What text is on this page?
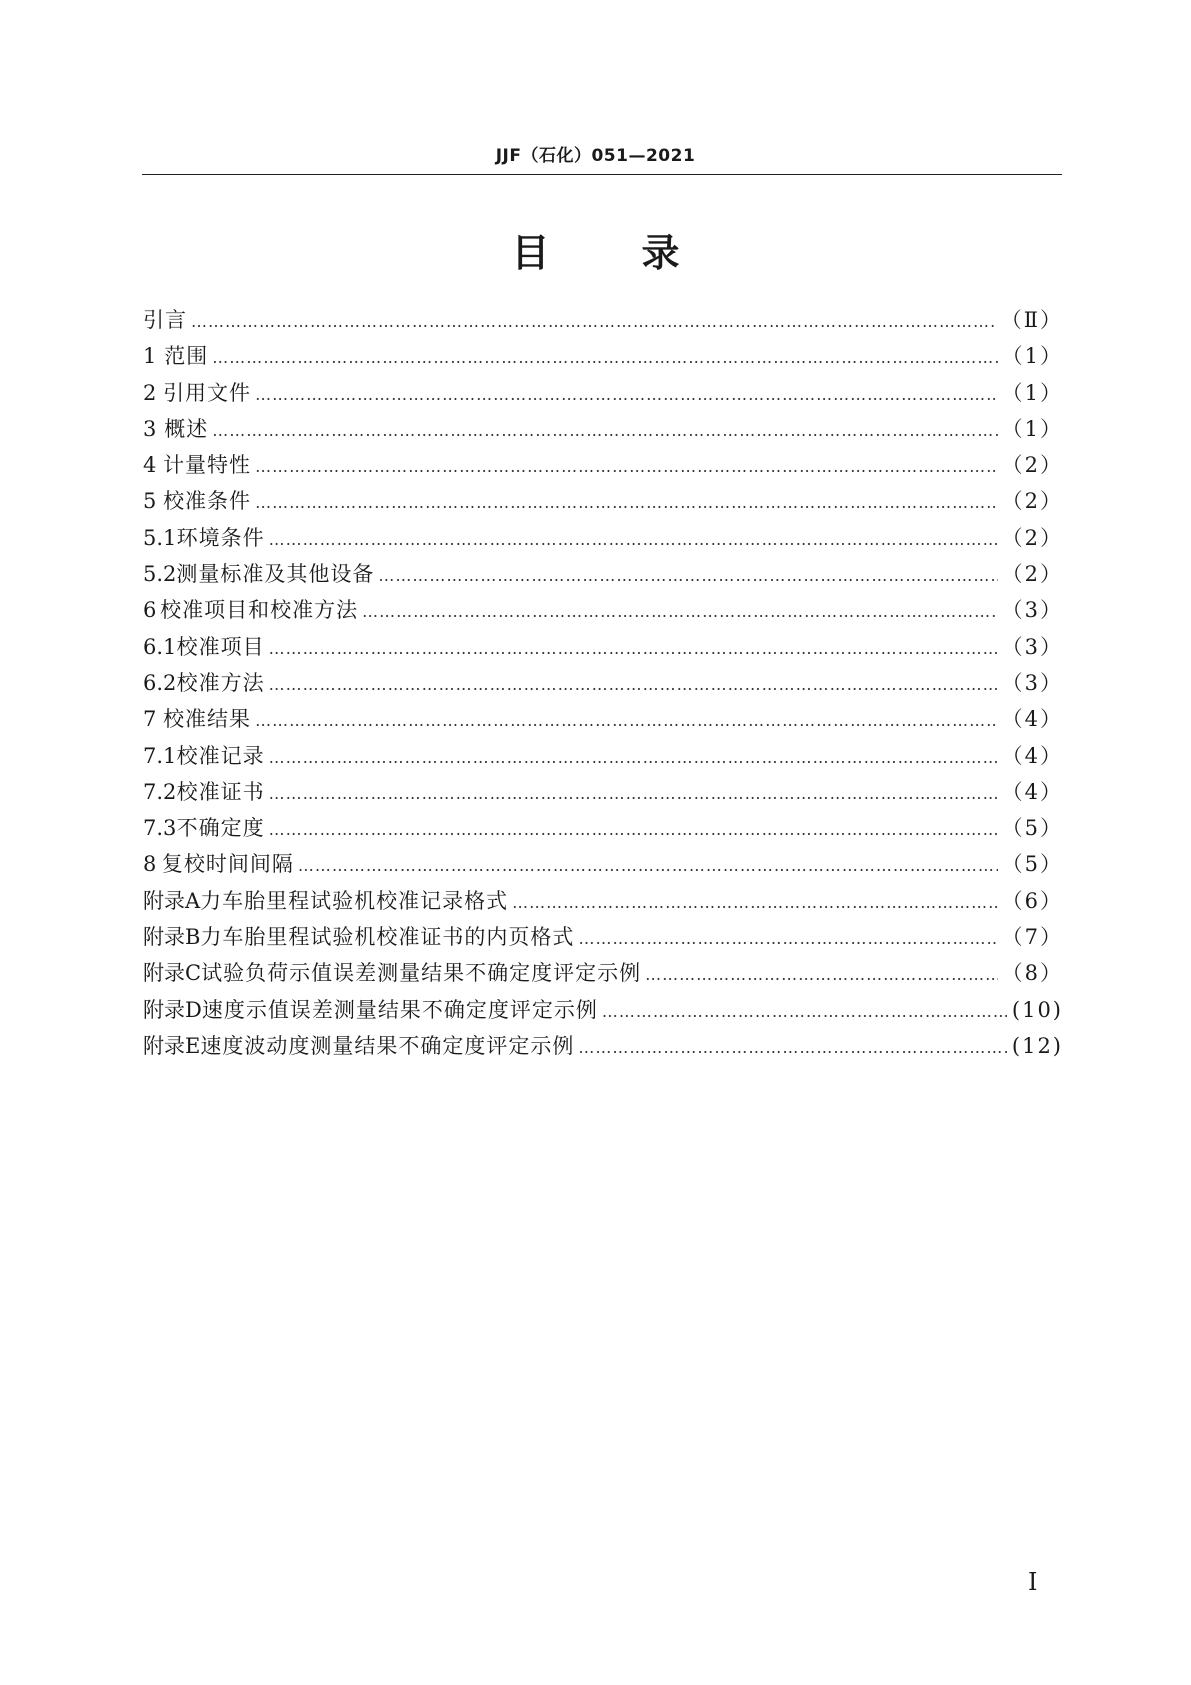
JJF（石化）051—2021
目 录
引言 ……………………………………………………………………………………………………………………………………………………………………………………………………	（Ⅱ）
1 范围 ……………………………………………………………………………………………………………………………………………………………………………………………………	（1）
2 引用文件 ……………………………………………………………………………………………………………………………………………………………………………………………………	（1）
3 概述 ……………………………………………………………………………………………………………………………………………………………………………………………………	（1）
4 计量特性 ……………………………………………………………………………………………………………………………………………………………………………………………………	（2）
5 校准条件 ……………………………………………………………………………………………………………………………………………………………………………………………………	（2）
5.1 环境条件 ……………………………………………………………………………………………………………………………………………………………………………………………………	（2）
5.2 测量标准及其他设备 ……………………………………………………………………………………………………………………………………………………………………………………………………	（2）
6 校准项目和校准方法 ……………………………………………………………………………………………………………………………………………………………………………………………………	（3）
6.1 校准项目 ……………………………………………………………………………………………………………………………………………………………………………………………………	（3）
6.2 校准方法 ……………………………………………………………………………………………………………………………………………………………………………………………………	（3）
7 校准结果 ……………………………………………………………………………………………………………………………………………………………………………………………………	（4）
7.1 校准记录 ……………………………………………………………………………………………………………………………………………………………………………………………………	（4）
7.2 校准证书 ……………………………………………………………………………………………………………………………………………………………………………………………………	（4）
7.3 不确定度 ……………………………………………………………………………………………………………………………………………………………………………………………………	（5）
8 复校时间间隔 ……………………………………………………………………………………………………………………………………………………………………………………………………	（5）
附录A 力车胎里程试验机校准记录格式 ……………………………………………………………………………………………………………………………………………………………………………………………………	（6）
附录B 力车胎里程试验机校准证书的内页格式 ……………………………………………………………………………………………………………………………………………………………………………………………………	（7）
附录C 试验负荷示值误差测量结果不确定度评定示例 ……………………………………………………………………………………………………………………………………………………………………………………………………	（8）
附录D 速度示值误差测量结果不确定度评定示例 ……………………………………………………………………………………………………………………………………………………………………………………………………	(10)
附录E 速度波动度测量结果不确定度评定示例 ……………………………………………………………………………………………………………………………………………………………………………………………………	(12)
I
